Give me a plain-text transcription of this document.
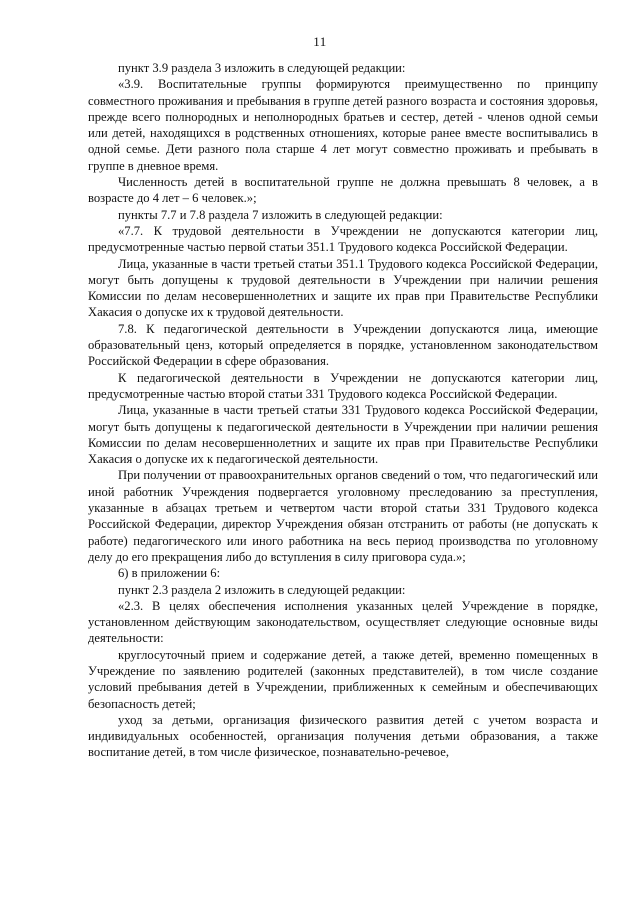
11

пункт 3.9 раздела 3 изложить в следующей редакции:

«3.9. Воспитательные группы формируются преимущественно по принципу совместного проживания и пребывания в группе детей разного возраста и состояния здоровья, прежде всего полнородных и неполнородных братьев и сестер, детей - членов одной семьи или детей, находящихся в родственных отношениях, которые ранее вместе воспитывались в одной семье. Дети разного пола старше 4 лет могут совместно проживать и пребывать в группе в дневное время.

Численность детей в воспитательной группе не должна превышать 8 человек, а в возрасте до 4 лет – 6 человек.»;

пункты 7.7 и 7.8 раздела 7 изложить в следующей редакции:

«7.7. К трудовой деятельности в Учреждении не допускаются категории лиц, предусмотренные частью первой статьи 351.1 Трудового кодекса Российской Федерации.

Лица, указанные в части третьей статьи 351.1 Трудового кодекса Российской Федерации, могут быть допущены к трудовой деятельности в Учреждении при наличии решения Комиссии по делам несовершеннолетних и защите их прав при Правительстве Республики Хакасия о допуске их к трудовой деятельности.

7.8. К педагогической деятельности в Учреждении допускаются лица, имеющие образовательный ценз, который определяется в порядке, установленном законодательством Российской Федерации в сфере образования.

К педагогической деятельности в Учреждении не допускаются категории лиц, предусмотренные частью второй статьи 331 Трудового кодекса Российской Федерации.

Лица, указанные в части третьей статьи 331 Трудового кодекса Российской Федерации, могут быть допущены к педагогической деятельности в Учреждении при наличии решения Комиссии по делам несовершеннолетних и защите их прав при Правительстве Республики Хакасия о допуске их к педагогической деятельности.

При получении от правоохранительных органов сведений о том, что педагогический или иной работник Учреждения подвергается уголовному преследованию за преступления, указанные в абзацах третьем и четвертом части второй статьи 331 Трудового кодекса Российской Федерации, директор Учреждения обязан отстранить от работы (не допускать к работе) педагогического или иного работника на весь период производства по уголовному делу до его прекращения либо до вступления в силу приговора суда.»;

6) в приложении 6:

пункт 2.3 раздела 2 изложить в следующей редакции:

«2.3. В целях обеспечения исполнения указанных целей Учреждение в порядке, установленном действующим законодательством, осуществляет следующие основные виды деятельности:

круглосуточный прием и содержание детей, а также детей, временно помещенных в Учреждение по заявлению родителей (законных представителей), в том числе создание условий пребывания детей в Учреждении, приближенных к семейным и обеспечивающих безопасность детей;

уход за детьми, организация физического развития детей с учетом возраста и индивидуальных особенностей, организация получения детьми образования, а также воспитание детей, в том числе физическое, познавательно-речевое,
